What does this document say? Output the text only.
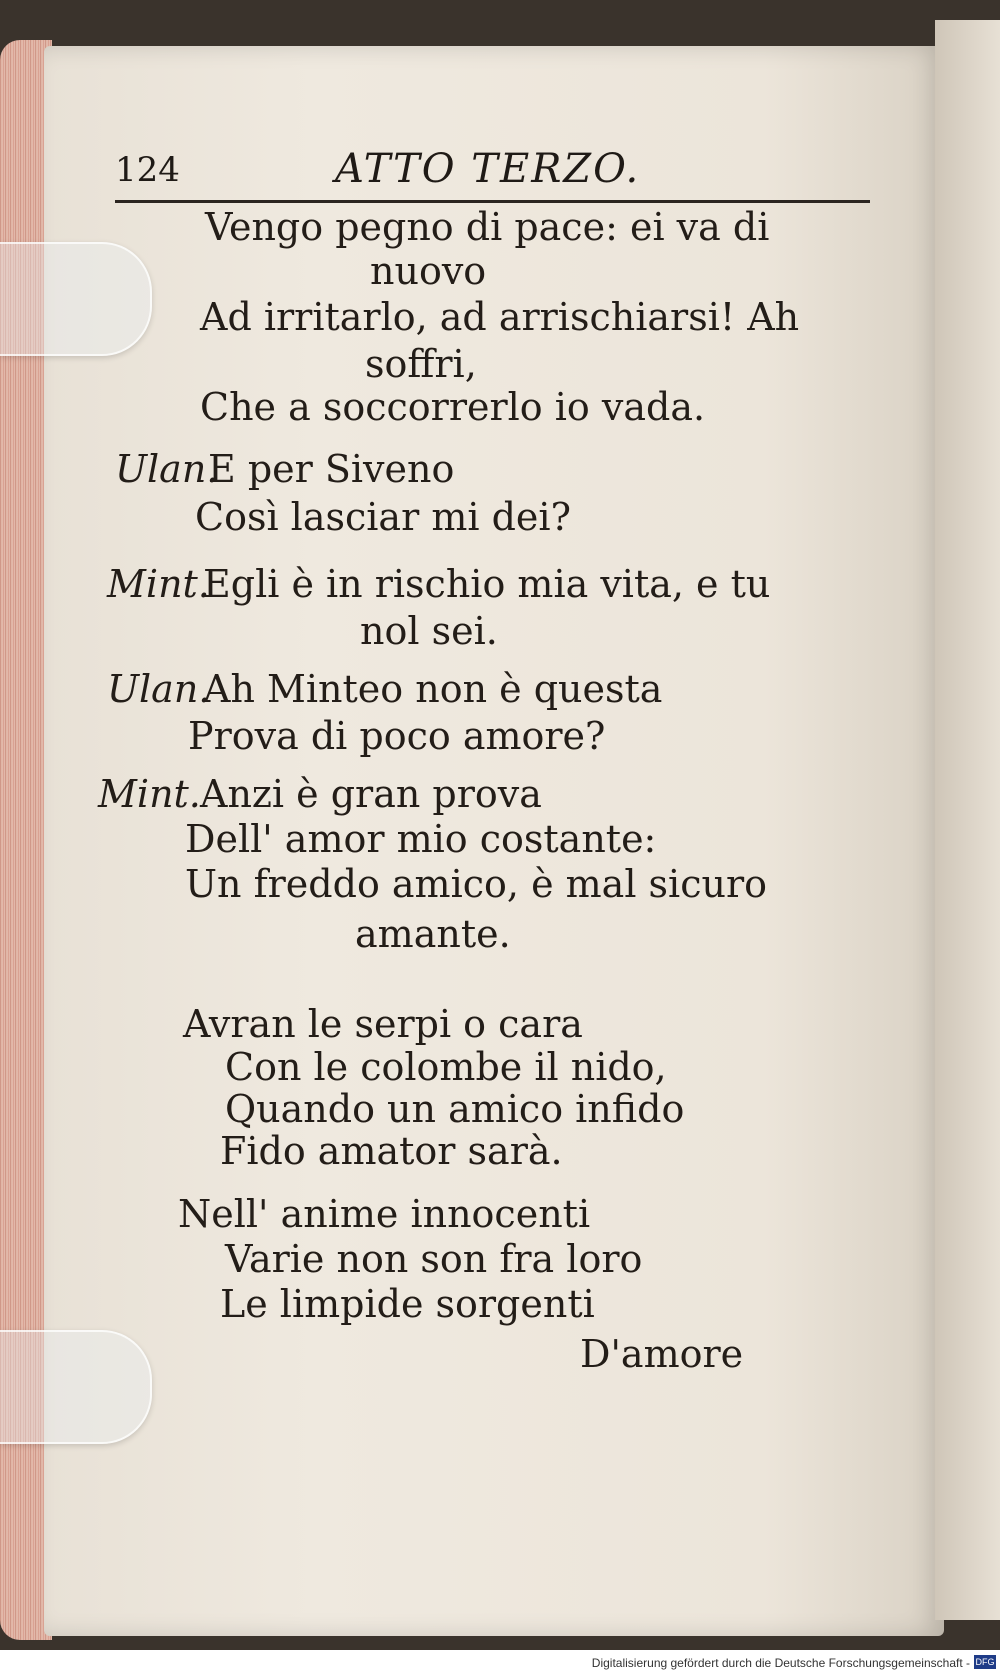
124	ATTO TERZO.
Vengo pegno di pace: ei va di
nuovo
Ad irritarlo, ad arrischiarsi! Ah
soffri,
Che a soccorrerlo io vada.
Ulan.
E per Siveno
Così lasciar mi dei?
Mint.
Egli è in rischio mia vita, e tu
nol sei.
Ulan.
Ah Minteo non è questa
Prova di poco amore?
Mint. Anzi è gran prova
Dell' amor mio costante:
Un freddo amico, è mal sicuro
amante.
Avran le serpi o cara
Con le colombe il nido,
Quando un amico infido
Fido amator sarà.
Nell' anime innocenti
Varie non son fra loro
Le limpide sorgenti
D'amore
Digitalisierung gefördert durch die Deutsche Forschungsgemeinschaft - DFG
